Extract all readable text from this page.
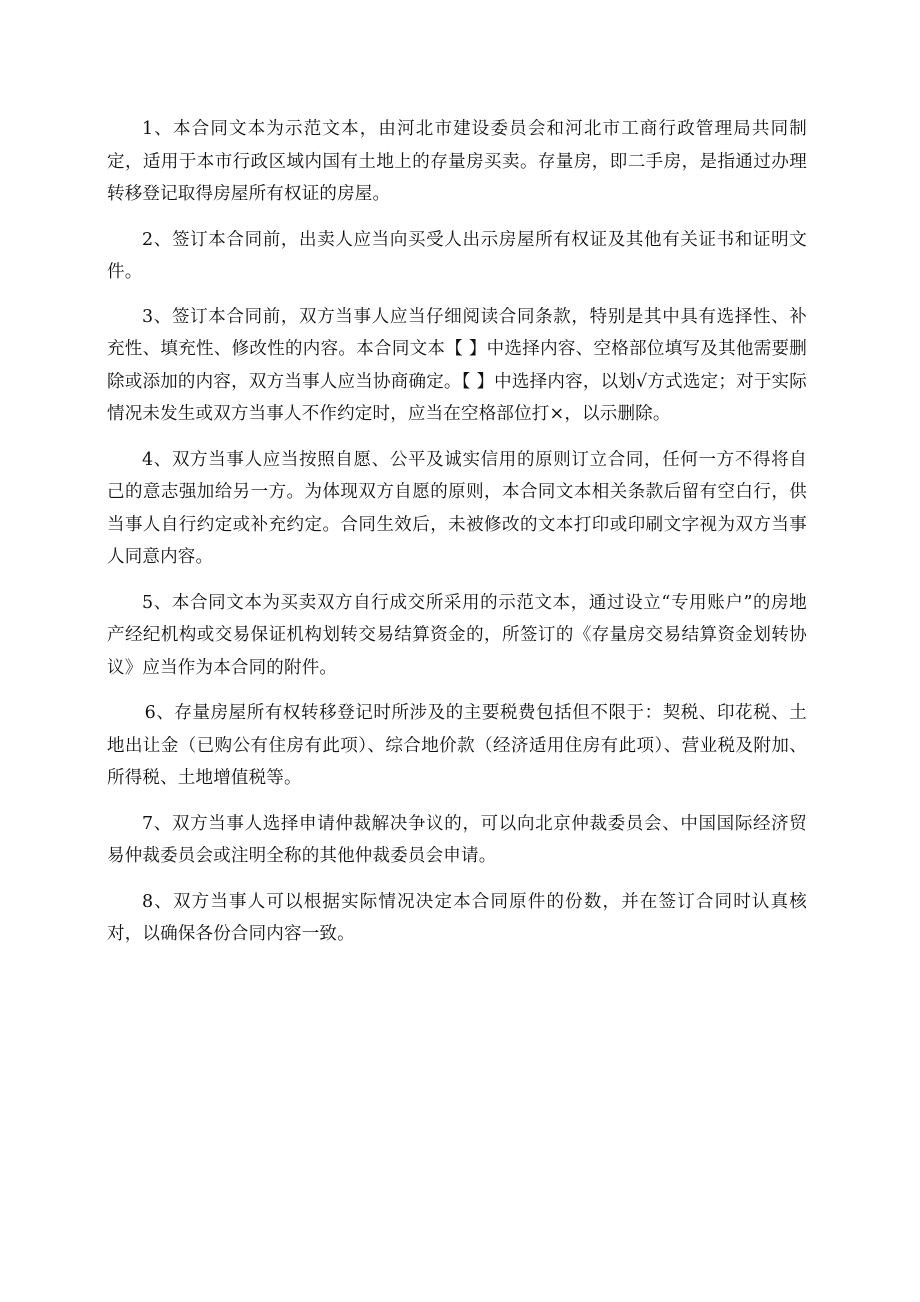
1、本合同文本为示范文本，由河北市建设委员会和河北市工商行政管理局共同制定，适用于本市行政区域内国有土地上的存量房买卖。存量房，即二手房，是指通过办理转移登记取得房屋所有权证的房屋。

2、签订本合同前，出卖人应当向买受人出示房屋所有权证及其他有关证书和证明文件。

3、签订本合同前，双方当事人应当仔细阅读合同条款，特别是其中具有选择性、补充性、填充性、修改性的内容。本合同文本【 】中选择内容、空格部位填写及其他需要删除或添加的内容，双方当事人应当协商确定。【 】中选择内容，以划√方式选定；对于实际情况未发生或双方当事人不作约定时，应当在空格部位打×，以示删除。

4、双方当事人应当按照自愿、公平及诚实信用的原则订立合同，任何一方不得将自己的意志强加给另一方。为体现双方自愿的原则，本合同文本相关条款后留有空白行，供当事人自行约定或补充约定。合同生效后，未被修改的文本打印或印刷文字视为双方当事人同意内容。

5、本合同文本为买卖双方自行成交所采用的示范文本，通过设立“专用账户”的房地产经纪机构或交易保证机构划转交易结算资金的，所签订的《存量房交易结算资金划转协议》应当作为本合同的附件。

6、存量房屋所有权转移登记时所涉及的主要税费包括但不限于：契税、印花税、土地出让金（已购公有住房有此项）、综合地价款（经济适用住房有此项）、营业税及附加、所得税、土地增值税等。

7、双方当事人选择申请仲裁解决争议的，可以向北京仲裁委员会、中国国际经济贸易仲裁委员会或注明全称的其他仲裁委员会申请。

8、双方当事人可以根据实际情况决定本合同原件的份数，并在签订合同时认真核对，以确保各份合同内容一致。
